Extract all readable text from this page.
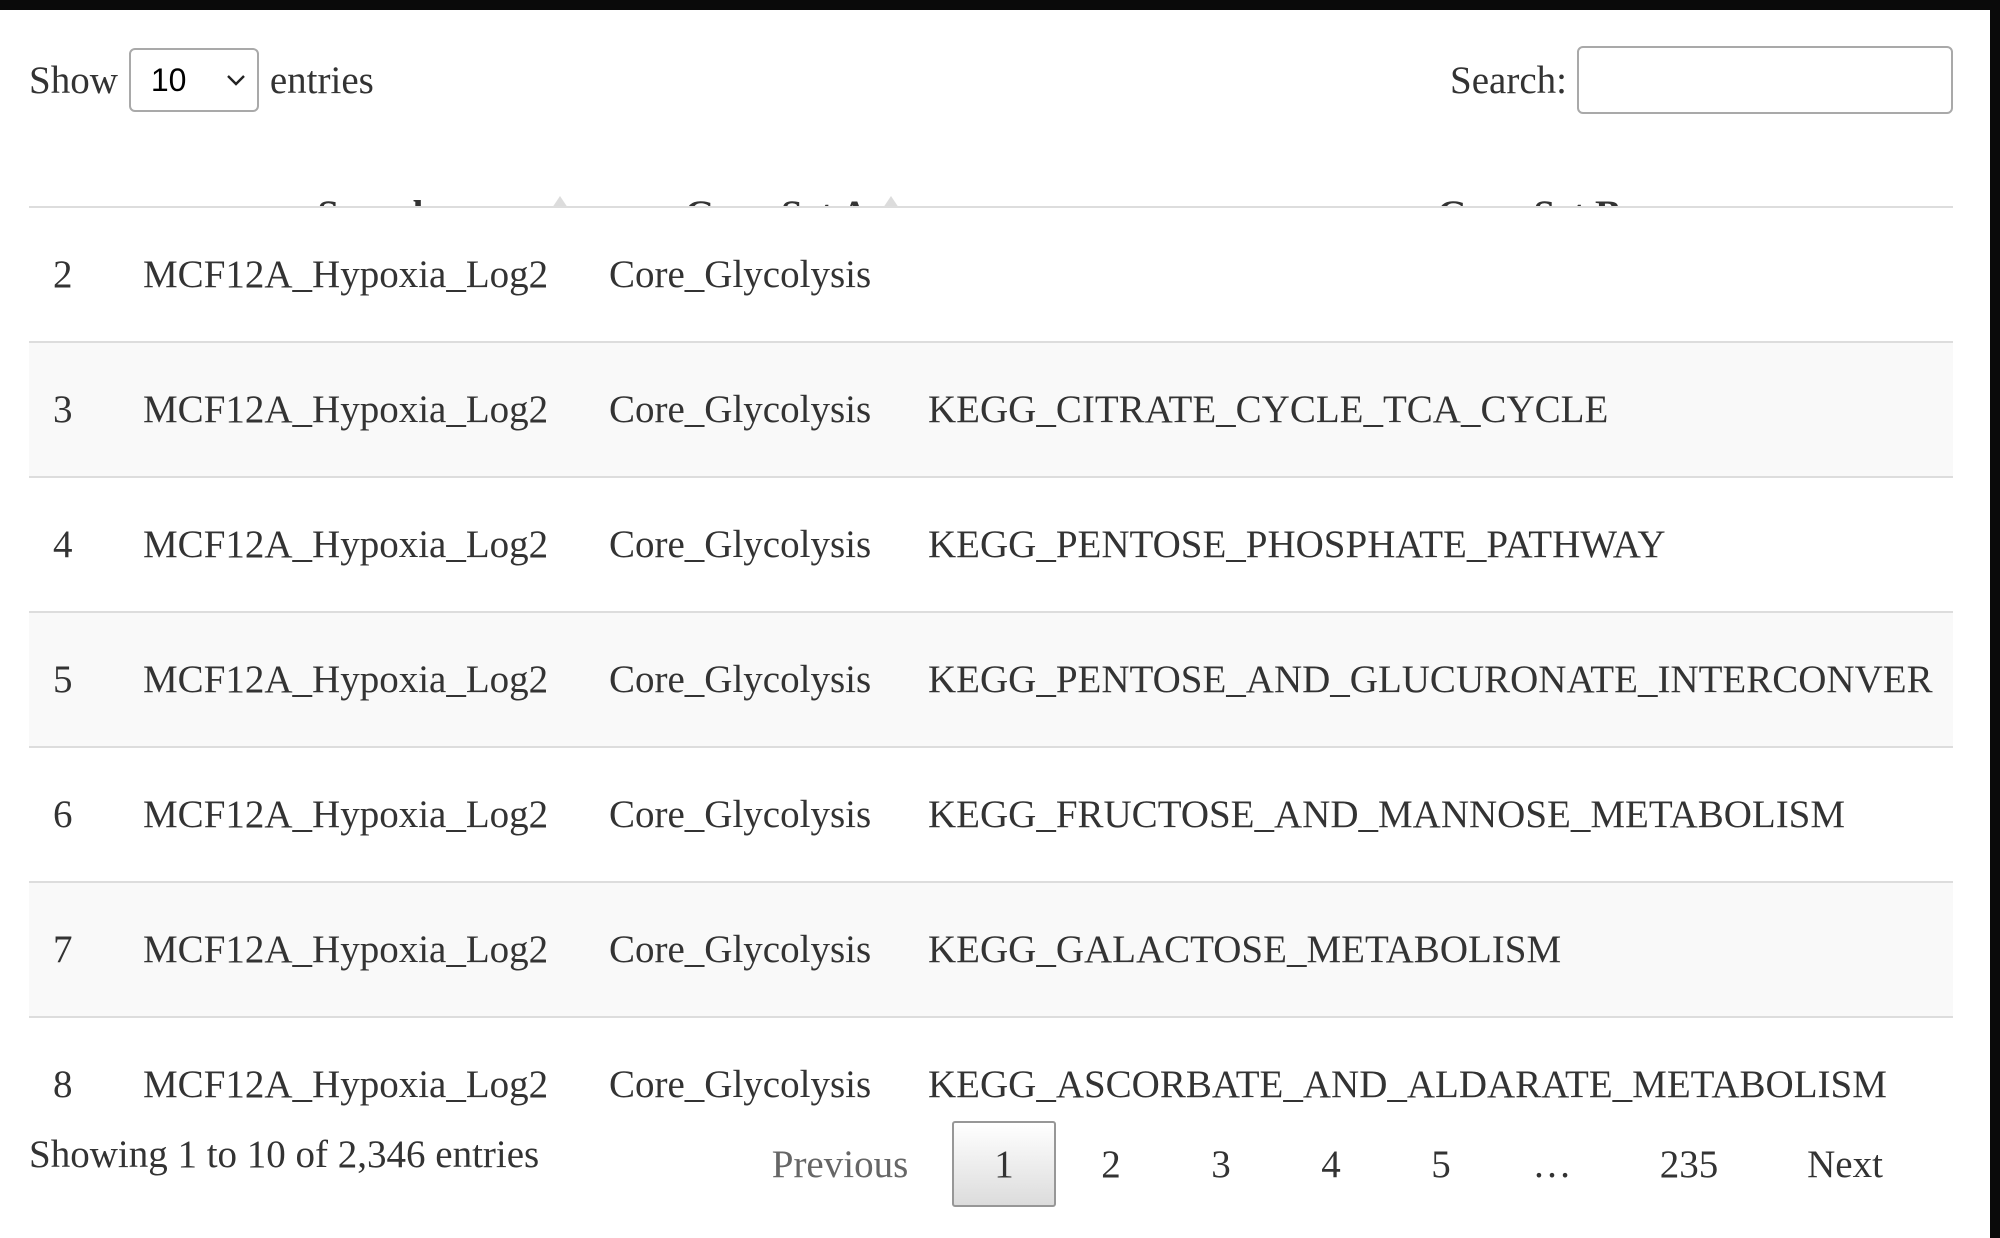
Show 10 entries	Search:
2 MCF12A_Hypoxia_Log2 Core_Glycolysis
3 MCF12A_Hypoxia_Log2 Core_Glycolysis KEGG_CITRATE_CYCLE_TCA_CYCLE
4 MCF12A_Hypoxia_Log2 Core_Glycolysis KEGG_PENTOSE_PHOSPHATE_PATHWAY
5 MCF12A_Hypoxia_Log2 Core_Glycolysis KEGG_PENTOSE_AND_GLUCURONATE_INTERCONVER
6 MCF12A_Hypoxia_Log2 Core_Glycolysis KEGG_FRUCTOSE_AND_MANNOSE_METABOLISM
7 MCF12A_Hypoxia_Log2 Core_Glycolysis KEGG_GALACTOSE_METABOLISM
8 MCF12A_Hypoxia_Log2 Core_Glycolysis KEGG_ASCORBATE_AND_ALDARATE_METABOLISM
Showing 1 to 10 of 2,346 entries	Previous	1	2	3	4	5	…	235	Next
